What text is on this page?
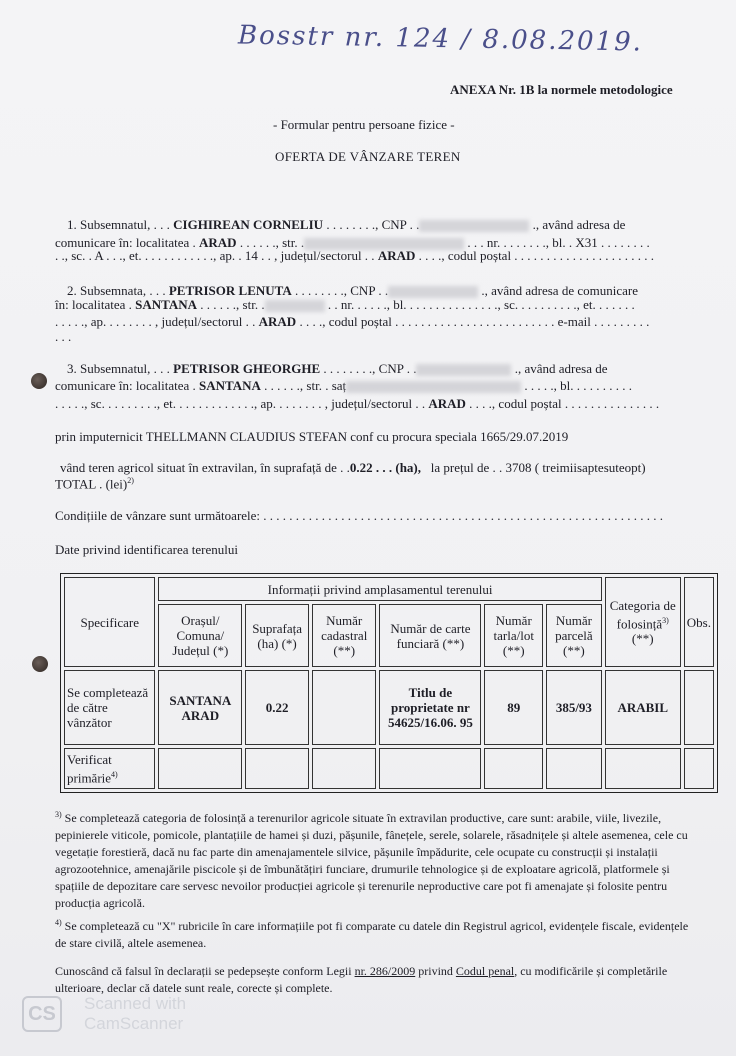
Bosstr nr. 124 / 8.08.2019.
ANEXA Nr. 1B la normele metodologice
- Formular pentru persoane fizice -
OFERTA DE VÂNZARE TEREN
1. Subsemnatul, . . . CIGHIREAN CORNELIU . . . . . . . ., CNP . .	., având adresa de
comunicare în: localitatea . ARAD . . . . . ., str. .	. . . nr. . . . . . . ., bl. . X31 . . . . . . . .
. ., sc. . A . . ., et. . . . . . . . . . . ., ap. . 14 . . , județul/sectorul . . ARAD . . . ., codul poștal . . . . . . . . . . . . . . . . . . . . . .
2. Subsemnata, . . . PETRISOR LENUTA . . . . . . . ., CNP . .	., având adresa de comunicare
în: localitatea . SANTANA . . . . . ., str. .	. . nr. . . . . ., bl. . . . . . . . . . . . . . ., sc. . . . . . . . . ., et. . . . . . .
. . . . ., ap. . . . . . . . , județul/sectorul . . ARAD . . . ., codul poștal . . . . . . . . . . . . . . . . . . . . . . . . . e-mail . . . . . . . . .
. . .
3. Subsemnatul, . . . PETRISOR GHEORGHE . . . . . . . ., CNP . .	., având adresa de
comunicare în: localitatea . SANTANA . . . . . ., str. . saț	. . . . ., bl. . . . . . . . . .
. . . . ., sc. . . . . . . . ., et. . . . . . . . . . . . ., ap. . . . . . . . , județul/sectorul . . ARAD . . . ., codul poștal . . . . . . . . . . . . . . .
prin imputernicit THELLMANN CLAUDIUS STEFAN conf cu procura speciala 1665/29.07.2019
vând teren agricol situat în extravilan, în suprafață de . .0.22 . . . (ha), la prețul de . . 3708 ( treimiisaptesuteopt)
TOTAL . (lei)$^{2)}$
Condițiile de vânzare sunt următoarele: . . . . . . . . . . . . . . . . . . . . . . . . . . . . . . . . . . . . . . . . . . . . . . . . . . . . . . . . . . . . . .
Date privind identificarea terenului
Specificare	Informații privind amplasamentul terenului						Categoria de folosință$^{3)}$ (**)	Obs.
	Orașul/ Comuna/ Județul (*)	Suprafața (ha) (*)	Număr cadastral (**)	Număr de carte funciară (**)	Număr tarla/lot (**)	Număr parcelă (**)		
Se completează de către vânzător	SANTANA ARAD	0.22		Titlu de proprietate nr 54625/16.06. 95	89	385/93	ARABIL	
Verificat primărie$^{4)}$								
$^{3)}$ Se completează categoria de folosință a terenurilor agricole situate în extravilan productive, care sunt: arabile, viile, livezile, pepinierele viticole, pomicole, plantațiile de hamei și duzi, pășunile, fânețele, serele, solarele, răsadnițele și altele asemenea, cele cu vegetație forestieră, dacă nu fac parte din amenajamentele silvice, pășunile împădurite, cele ocupate cu construcții și instalații agrozootehnice, amenajările piscicole și de îmbunătățiri funciare, drumurile tehnologice și de exploatare agricolă, platformele și spațiile de depozitare care servesc nevoilor producției agricole și terenurile neproductive care pot fi amenajate și folosite pentru producția agricolă.
$^{4)}$ Se completează cu "X" rubricile în care informațiile pot fi comparate cu datele din Registrul agricol, evidențele fiscale, evidențele de stare civilă, altele asemenea.
Cunoscând că falsul în declarații se pedepsește conform Legii nr. 286/2009 privind Codul penal, cu modificările și completările ulterioare, declar că datele sunt reale, corecte și complete.
CS	Scanned with
CamScanner
